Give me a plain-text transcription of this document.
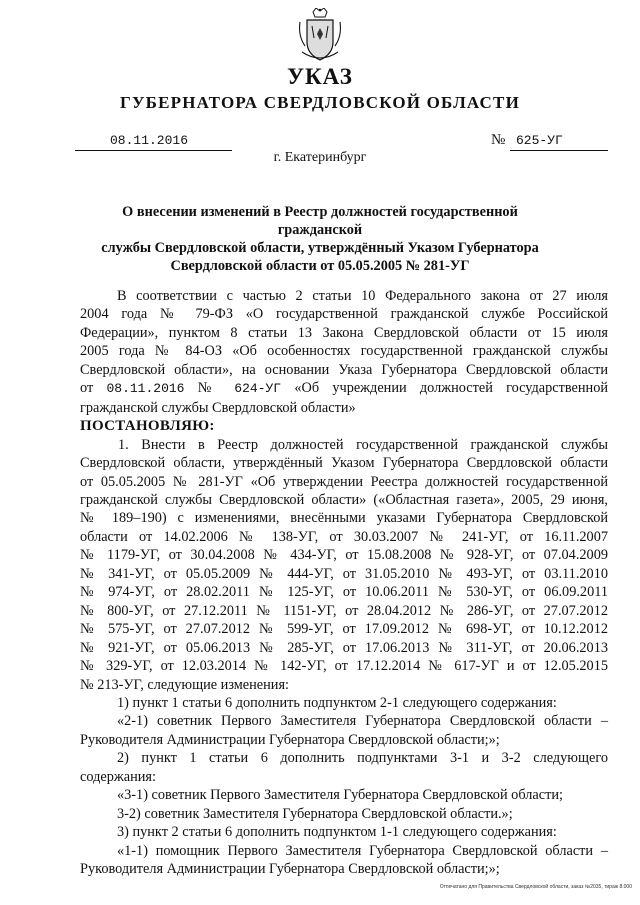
УКАЗ
ГУБЕРНАТОРА СВЕРДЛОВСКОЙ ОБЛАСТИ
08.11.2016	№ 625-УГ
г. Екатеринбург
О внесении изменений в Реестр должностей государственной гражданской
службы Свердловской области, утверждённый Указом Губернатора
Свердловской области от 05.05.2005 № 281-УГ

В соответствии с частью 2 статьи 10 Федерального закона от 27 июля

2004 года № 79-ФЗ «О государственной гражданской службе Российской

Федерации», пунктом 8 статьи 13 Закона Свердловской области от 15 июля

2005 года № 84-ОЗ «Об особенностях государственной гражданской службы

Свердловской области», на основании Указа Губернатора Свердловской области

от 08.11.2016 № 624-УГ «Об учреждении должностей государственной

гражданской службы Свердловской области»

ПОСТАНОВЛЯЮ:

1. Внести в Реестр должностей государственной гражданской службы

Свердловской области, утверждённый Указом Губернатора Свердловской области

от 05.05.2005 № 281-УГ «Об утверждении Реестра должностей государственной

гражданской службы Свердловской области» («Областная газета», 2005, 29 июня,

№ 189–190) с изменениями, внесёнными указами Губернатора Свердловской

области от 14.02.2006 № 138-УГ, от 30.03.2007 № 241-УГ, от 16.11.2007

№ 1179-УГ, от 30.04.2008 № 434-УГ, от 15.08.2008 № 928-УГ, от 07.04.2009

№ 341-УГ, от 05.05.2009 № 444-УГ, от 31.05.2010 № 493-УГ, от 03.11.2010

№ 974-УГ, от 28.02.2011 № 125-УГ, от 10.06.2011 № 530-УГ, от 06.09.2011

№ 800-УГ, от 27.12.2011 № 1151-УГ, от 28.04.2012 № 286-УГ, от 27.07.2012

№ 575-УГ, от 27.07.2012 № 599-УГ, от 17.09.2012 № 698-УГ, от 10.12.2012

№ 921-УГ, от 05.06.2013 № 285-УГ, от 17.06.2013 № 311-УГ, от 20.06.2013

№ 329-УГ, от 12.03.2014 № 142-УГ, от 17.12.2014 № 617-УГ и от 12.05.2015

№ 213-УГ, следующие изменения:

1) пункт 1 статьи 6 дополнить подпунктом 2-1 следующего содержания:

«2-1) советник Первого Заместителя Губернатора Свердловской области –

Руководителя Администрации Губернатора Свердловской области;»;

2) пункт 1 статьи 6 дополнить подпунктами 3-1 и 3-2 следующего

содержания:

«3-1) советник Первого Заместителя Губернатора Свердловской области;

3-2) советник Заместителя Губернатора Свердловской области.»;

3) пункт 2 статьи 6 дополнить подпунктом 1-1 следующего содержания:

«1-1) помощник Первого Заместителя Губернатора Свердловской области –

Руководителя Администрации Губернатора Свердловской области;»;

Отпечатано для Правительства Свердловской области, заказ №2035, тираж 8.000
